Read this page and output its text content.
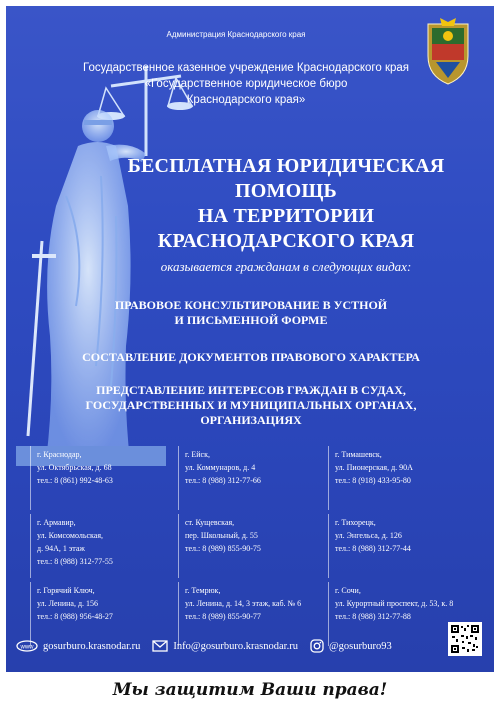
Администрация Краснодарского края
Государственное казенное учреждение Краснодарского края
«Государственное юридическое бюро
Краснодарского края»
БЕСПЛАТНАЯ ЮРИДИЧЕСКАЯ
ПОМОЩЬ
НА ТЕРРИТОРИИ
КРАСНОДАРСКОГО КРАЯ
оказывается гражданам в следующих видах:
ПРАВОВОЕ КОНСУЛЬТИРОВАНИЕ В УСТНОЙ
И ПИСЬМЕННОЙ ФОРМЕ
СОСТАВЛЕНИЕ ДОКУМЕНТОВ ПРАВОВОГО ХАРАКТЕРА
ПРЕДСТАВЛЕНИЕ ИНТЕРЕСОВ ГРАЖДАН В СУДАХ,
ГОСУДАРСТВЕННЫХ И МУНИЦИПАЛЬНЫХ ОРГАНАХ,
ОРГАНИЗАЦИЯХ
г. Краснодар,
ул. Октябрьская, д. 68
тел.: 8 (861) 992-48-63
г. Ейск,
ул. Коммунаров, д. 4
тел.: 8 (988) 312-77-66
г. Тимашевск,
ул. Пионерская, д. 90А
тел.: 8 (918) 433-95-80
г. Армавир,
ул. Комсомольская,
д. 94А, 1 этаж
тел.: 8 (988) 312-77-55
ст. Кущевская,
пер. Школьный, д. 55
тел.: 8 (989) 855-90-75
г. Тихорецк,
ул. Энгельса, д. 126
тел.: 8 (988) 312-77-44
г. Горячий Ключ,
ул. Ленина, д. 156
тел.: 8 (988) 956-48-27
г. Темрюк,
ул. Ленина, д. 14, 3 этаж, каб. № 6
тел.: 8 (989) 855-90-77
г. Сочи,
ул. Курортный проспект, д. 53, к. 8
тел.: 8 (988) 312-77-88
www gosurburo.krasnodar.ru	Info@gosurburo.krasnodar.ru	@gosurburo93
Мы защитим Ваши права!
